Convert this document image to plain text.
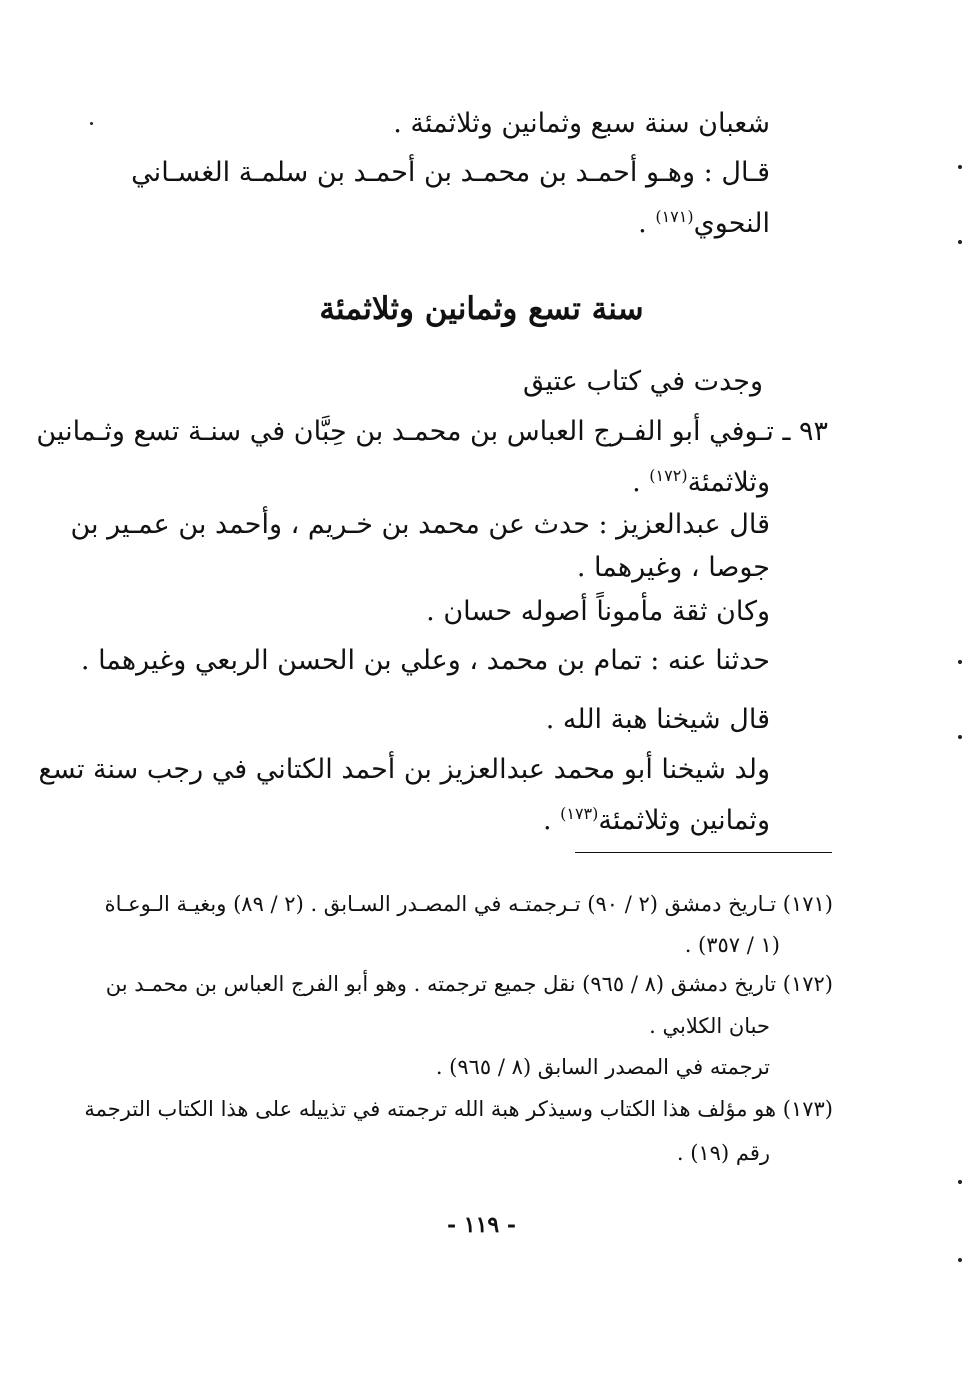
شعبان سنة سبع وثمانين وثلاثمئة .
قـال : وهـو أحمـد بن محمـد بن أحمـد بن سلمـة الغسـاني
النحوي$^{(١٧١)}$ .
سنة تسع وثمانين وثلاثمئة
وجدت في كتاب عتيق
٩٣ ـ تـوفي أبو الفـرج العباس بن محمـد بن حِبَّان في سنـة تسع وثـمانين
وثلاثمئة$^{(١٧٢)}$ .
قال عبدالعزيز : حدث عن محمد بن خـريم ، وأحمد بن عمـير بن
جوصا ، وغيرهما .
وكان ثقة مأموناً أصوله حسان .
حدثنا عنه : تمام بن محمد ، وعلي بن الحسن الربعي وغيرهما .
قال شيخنا هبة الله .
ولد شيخنا أبو محمد عبدالعزيز بن أحمد الكتاني في رجب سنة تسع
وثمانين وثلاثمئة$^{(١٧٣)}$ .
(١٧١) تـاريخ دمشق (٢ / ٩٠) تـرجمتـه في المصـدر السـابق . (٢ / ٨٩) وبغيـة الـوعـاة
(١ / ٣٥٧) .
(١٧٢) تاريخ دمشق (٨ / ٩٦٥) نقل جميع ترجمته . وهو أبو الفرج العباس بن محمـد بن
حبان الكلابي .
ترجمته في المصدر السابق (٨ / ٩٦٥) .
(١٧٣) هو مؤلف هذا الكتاب وسيذكر هبة الله ترجمته في تذييله على هذا الكتاب الترجمة
رقم (١٩) .
- ١١٩ -
